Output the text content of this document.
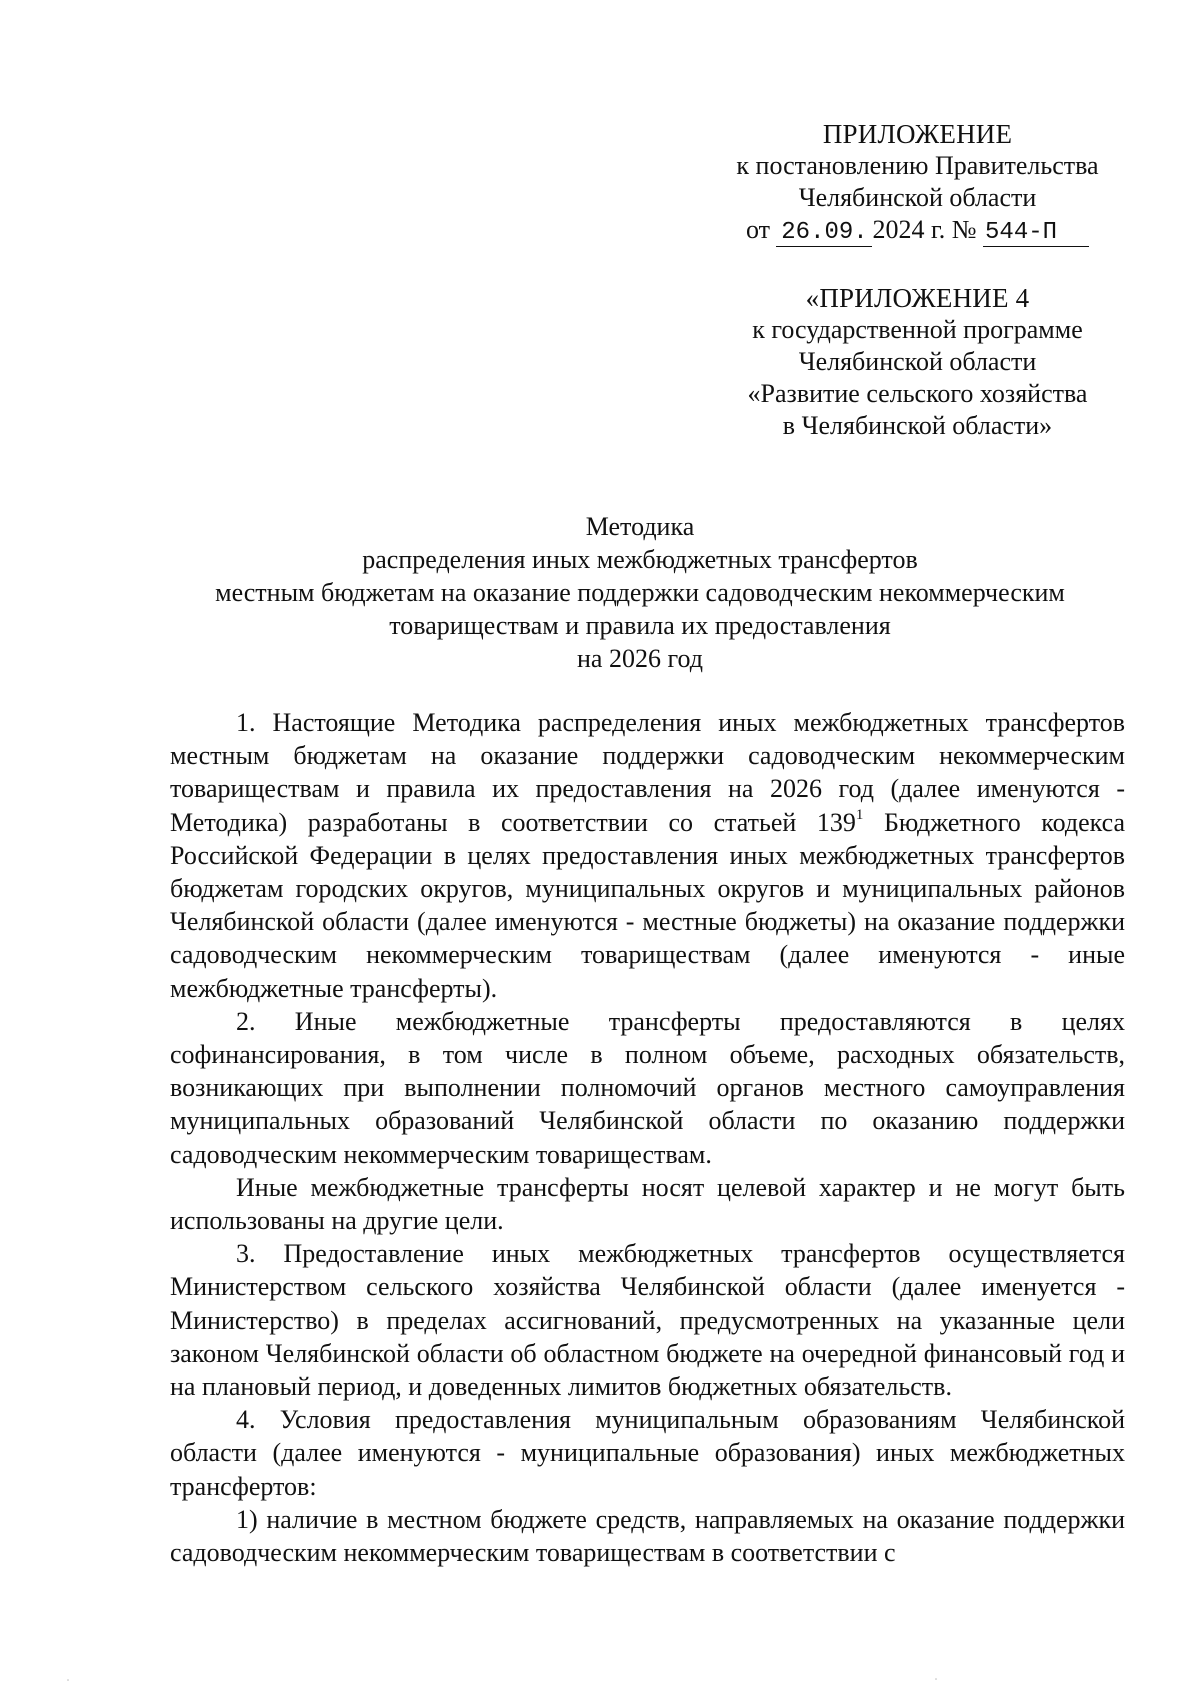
ПРИЛОЖЕНИЕ
к постановлению Правительства
Челябинской области
от 26.09. 2024 г. № 544-П
«ПРИЛОЖЕНИЕ 4
к государственной программе
Челябинской области
«Развитие сельского хозяйства
в Челябинской области»
Методика
распределения иных межбюджетных трансфертов
местным бюджетам на оказание поддержки садоводческим некоммерческим
товариществам и правила их предоставления
на 2026 год

1. Настоящие Методика распределения иных межбюджетных трансфертов местным бюджетам на оказание поддержки садоводческим некоммерческим товариществам и правила их предоставления на 2026 год (далее именуются - Методика) разработаны в соответствии со статьей $139^1$ Бюджетного кодекса Российской Федерации в целях предоставления иных межбюджетных трансфертов бюджетам городских округов, муниципальных округов и муниципальных районов Челябинской области (далее именуются - местные бюджеты) на оказание поддержки садоводческим некоммерческим товариществам (далее именуются - иные межбюджетные трансферты).

2. Иные межбюджетные трансферты предоставляются в целях софинансирования, в том числе в полном объеме, расходных обязательств, возникающих при выполнении полномочий органов местного самоуправления муниципальных образований Челябинской области по оказанию поддержки садоводческим некоммерческим товариществам.

Иные межбюджетные трансферты носят целевой характер и не могут быть использованы на другие цели.

3. Предоставление иных межбюджетных трансфертов осуществляется Министерством сельского хозяйства Челябинской области (далее именуется - Министерство) в пределах ассигнований, предусмотренных на указанные цели законом Челябинской области об областном бюджете на очередной финансовый год и на плановый период, и доведенных лимитов бюджетных обязательств.

4. Условия предоставления муниципальным образованиям Челябинской области (далее именуются - муниципальные образования) иных межбюджетных трансфертов:

1) наличие в местном бюджете средств, направляемых на оказание поддержки садоводческим некоммерческим товариществам в соответствии с
